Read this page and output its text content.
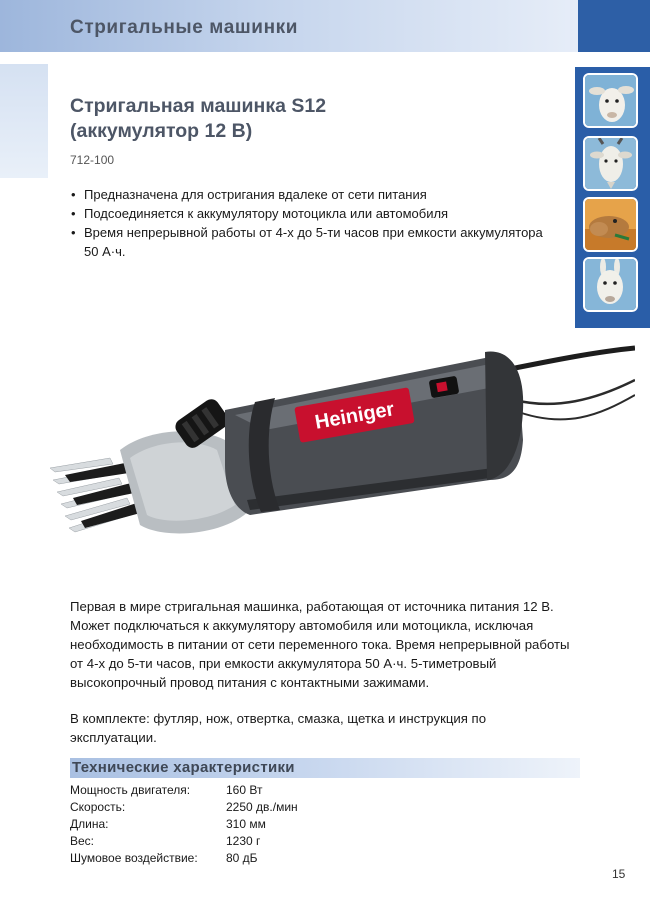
Стригальные машинки
Стригальная машинка S12
(аккумулятор 12 В)
712-100
• Предназначена для остригания вдалеке от сети питания
• Подсоединяется к аккумулятору мотоцикла или автомобиля
• Время непрерывной работы от 4-х до 5-ти часов при емкости аккумулятора 50 А·ч.
Heiniger

Первая в мире стригальная машинка, работающая от источника питания 12 В. Может подключаться к аккумулятору автомобиля или мотоцикла, исключая необходимость в питании от сети переменного тока. Время непрерывной работы от 4-х до 5-ти часов, при емкости аккумулятора 50 А·ч. 5-тиметровый высокопрочный провод питания с контактными зажимами.

В комплекте: футляр, нож, отвертка, смазка, щетка и инструкция по эксплуатации.

Технические характеристики
Мощность двигателя:	160 Вт
Скорость:	2250 дв./мин
Длина:	310 мм
Вес:	1230 г
Шумовое воздействие:	80 дБ
15
